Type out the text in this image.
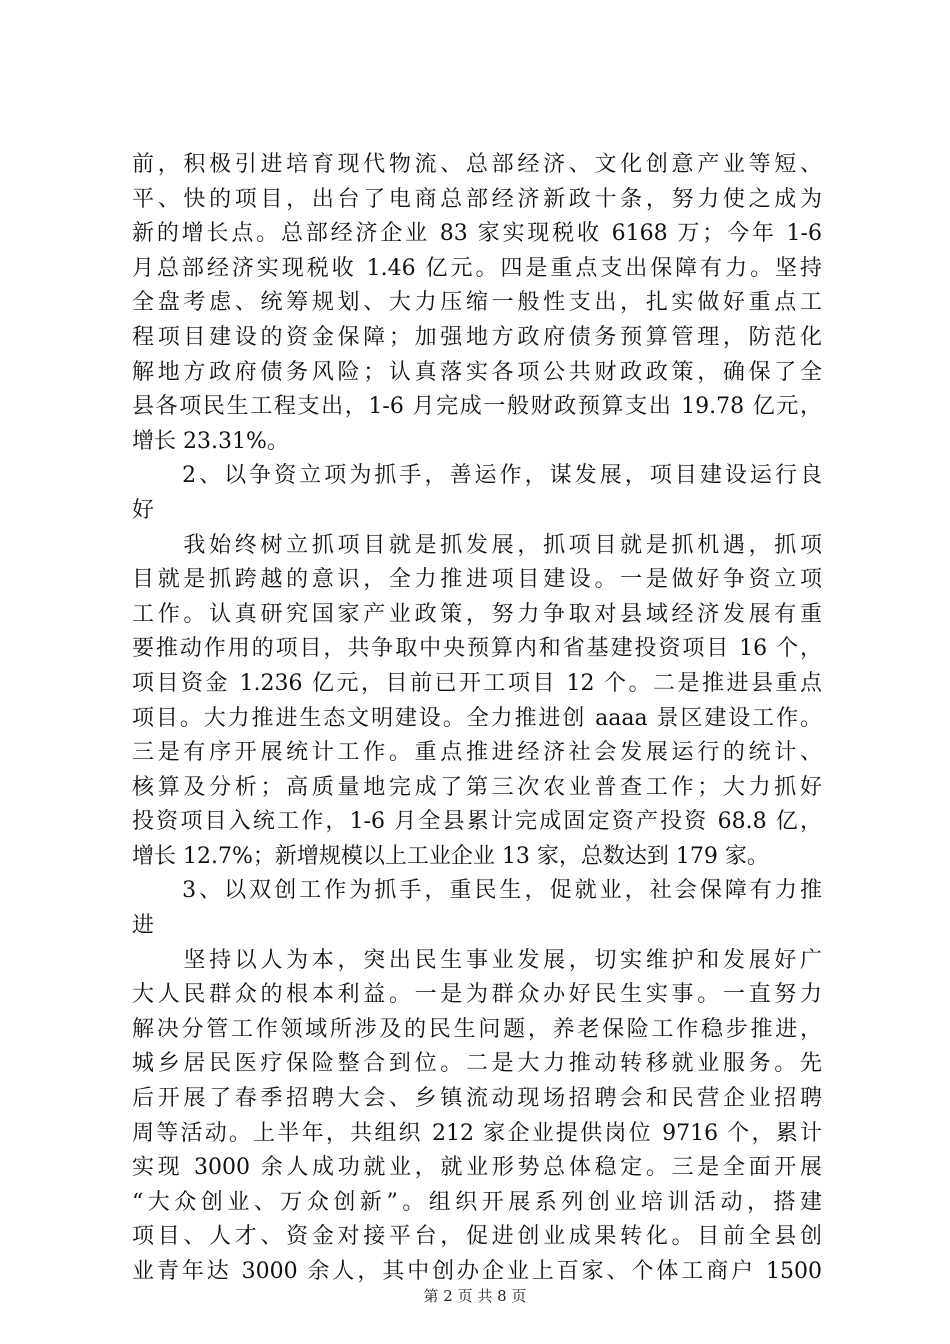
前，积极引进培育现代物流、总部经济、文化创意产业等短、
平、快的项目，出台了电商总部经济新政十条，努力使之成为
新的增长点。总部经济企业 83 家实现税收 6168 万；今年 1-6
月总部经济实现税收 1.46 亿元。四是重点支出保障有力。坚持
全盘考虑、统筹规划、大力压缩一般性支出，扎实做好重点工
程项目建设的资金保障；加强地方政府债务预算管理，防范化
解地方政府债务风险；认真落实各项公共财政政策，确保了全
县各项民生工程支出，1-6 月完成一般财政预算支出 19.78 亿元，
增长 23.31%。
　　2、以争资立项为抓手，善运作，谋发展，项目建设运行良
好
　　我始终树立抓项目就是抓发展，抓项目就是抓机遇，抓项
目就是抓跨越的意识，全力推进项目建设。一是做好争资立项
工作。认真研究国家产业政策，努力争取对县域经济发展有重
要推动作用的项目，共争取中央预算内和省基建投资项目 16 个，
项目资金 1.236 亿元，目前已开工项目 12 个。二是推进县重点
项目。大力推进生态文明建设。全力推进创 aaaa 景区建设工作。
三是有序开展统计工作。重点推进经济社会发展运行的统计、
核算及分析；高质量地完成了第三次农业普查工作；大力抓好
投资项目入统工作，1-6 月全县累计完成固定资产投资 68.8 亿，
增长 12.7%；新增规模以上工业企业 13 家，总数达到 179 家。
　　3、以双创工作为抓手，重民生，促就业，社会保障有力推
进
　　坚持以人为本，突出民生事业发展，切实维护和发展好广
大人民群众的根本利益。一是为群众办好民生实事。一直努力
解决分管工作领域所涉及的民生问题，养老保险工作稳步推进，
城乡居民医疗保险整合到位。二是大力推动转移就业服务。先
后开展了春季招聘大会、乡镇流动现场招聘会和民营企业招聘
周等活动。上半年，共组织 212 家企业提供岗位 9716 个，累计
实现 3000 余人成功就业，就业形势总体稳定。三是全面开展
“大众创业、万众创新”。组织开展系列创业培训活动，搭建
项目、人才、资金对接平台，促进创业成果转化。目前全县创
业青年达 3000 余人，其中创办企业上百家、个体工商户 1500
第 2 页 共 8 页
